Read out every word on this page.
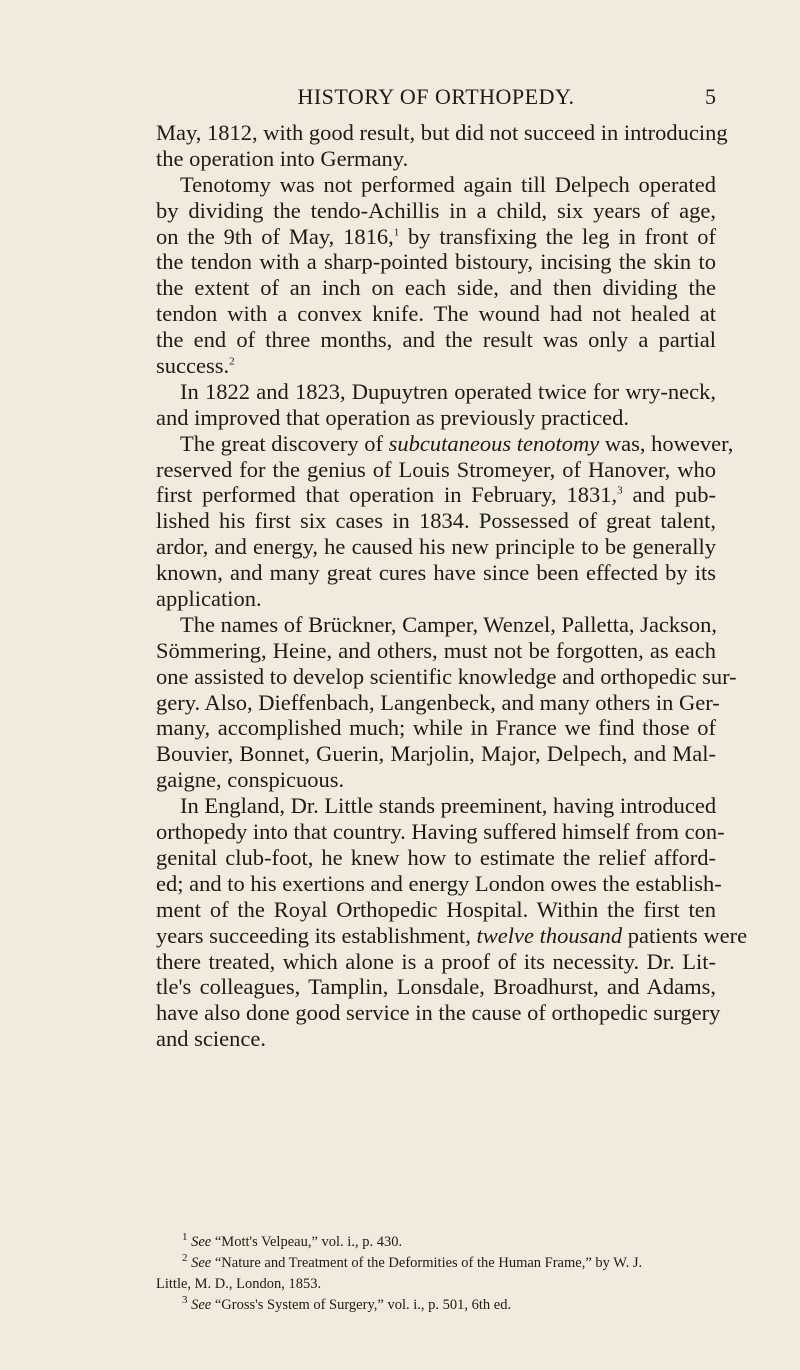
HISTORY OF ORTHOPEDY.	5
May, 1812, with good result, but did not succeed in introducing
the operation into Germany.
Tenotomy was not performed again till Delpech operated
by dividing the tendo-Achillis in a child, six years of age,
on the 9th of May, 1816,$^1$ by transfixing the leg in front of
the tendon with a sharp-pointed bistoury, incising the skin to
the extent of an inch on each side, and then dividing the
tendon with a convex knife. The wound had not healed at
the end of three months, and the result was only a partial
success.$^2$
In 1822 and 1823, Dupuytren operated twice for wry-neck,
and improved that operation as previously practiced.
The great discovery of subcutaneous tenotomy was, however,
reserved for the genius of Louis Stromeyer, of Hanover, who
first performed that operation in February, 1831,$^3$ and pub-
lished his first six cases in 1834. Possessed of great talent,
ardor, and energy, he caused his new principle to be generally
known, and many great cures have since been effected by its
application.
The names of Brückner, Camper, Wenzel, Palletta, Jackson,
Sömmering, Heine, and others, must not be forgotten, as each
one assisted to develop scientific knowledge and orthopedic sur-
gery. Also, Dieffenbach, Langenbeck, and many others in Ger-
many, accomplished much; while in France we find those of
Bouvier, Bonnet, Guerin, Marjolin, Major, Delpech, and Mal-
gaigne, conspicuous.
In England, Dr. Little stands preeminent, having introduced
orthopedy into that country. Having suffered himself from con-
genital club-foot, he knew how to estimate the relief afford-
ed; and to his exertions and energy London owes the establish-
ment of the Royal Orthopedic Hospital. Within the first ten
years succeeding its establishment, twelve thousand patients were
there treated, which alone is a proof of its necessity. Dr. Lit-
tle's colleagues, Tamplin, Lonsdale, Broadhurst, and Adams,
have also done good service in the cause of orthopedic surgery
and science.
$^1$ See “Mott's Velpeau,” vol. i., p. 430.
$^2$ See “Nature and Treatment of the Deformities of the Human Frame,” by W. J.
Little, M. D., London, 1853.
$^3$ See “Gross's System of Surgery,” vol. i., p. 501, 6th ed.
